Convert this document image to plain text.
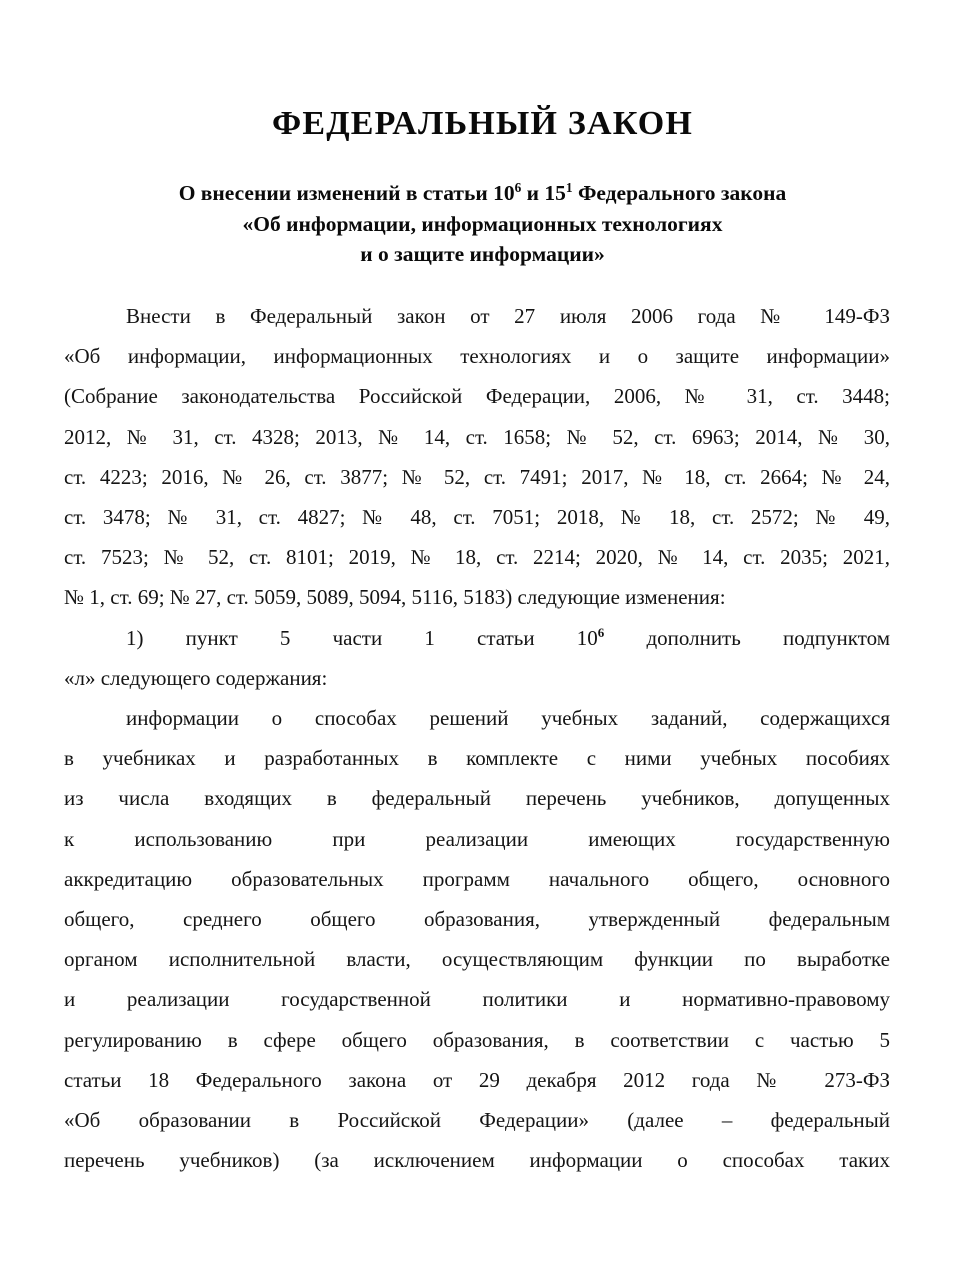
ФЕДЕРАЛЬНЫЙ ЗАКОН
О внесении изменений в статьи $10^6$ и $15^1$ Федерального закона
«Об информации, информационных технологиях
и о защите информации»

Внести в Федеральный закон от 27 июля 2006 года № 149-ФЗ
«Об информации, информационных технологиях и о защите информации»
(Собрание законодательства Российской Федерации, 2006, № 31, ст. 3448;
2012, № 31, ст. 4328; 2013, № 14, ст. 1658; № 52, ст. 6963; 2014, № 30,
ст. 4223; 2016, № 26, ст. 3877; № 52, ст. 7491; 2017, № 18, ст. 2664; № 24,
ст. 3478; № 31, ст. 4827; № 48, ст. 7051; 2018, № 18, ст. 2572; № 49,
ст. 7523; № 52, ст. 8101; 2019, № 18, ст. 2214; 2020, № 14, ст. 2035; 2021,
№ 1, ст. 69; № 27, ст. 5059, 5089, 5094, 5116, 5183) следующие изменения:

1) пункт 5 части 1 статьи $10^6$ дополнить подпунктом
«л» следующего содержания:

информации о способах решений учебных заданий, содержащихся
в учебниках и разработанных в комплекте с ними учебных пособиях
из числа входящих в федеральный перечень учебников, допущенных
к использованию при реализации имеющих государственную
аккредитацию образовательных программ начального общего, основного
общего, среднего общего образования, утвержденный федеральным
органом исполнительной власти, осуществляющим функции по выработке
и реализации государственной политики и нормативно-правовому
регулированию в сфере общего образования, в соответствии с частью 5
статьи 18 Федерального закона от 29 декабря 2012 года № 273-ФЗ
«Об образовании в Российской Федерации» (далее – федеральный
перечень учебников) (за исключением информации о способах таких
